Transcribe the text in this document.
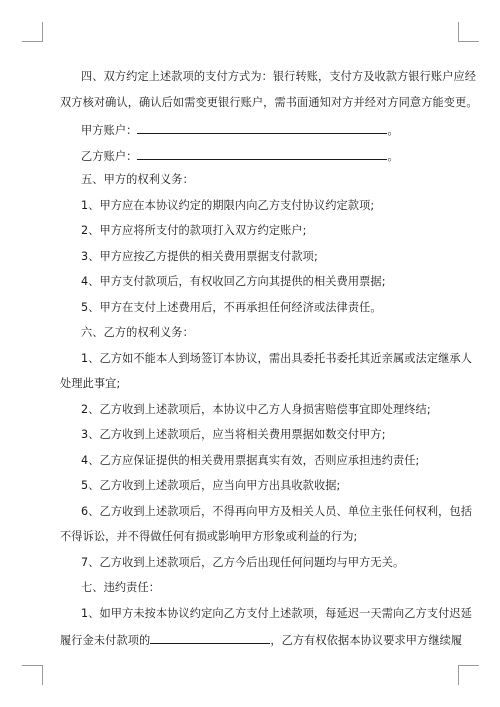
四、双方约定上述款项的支付方式为：银行转账，支付方及收款方银行账户应经
双方核对确认，确认后如需变更银行账户，需书面通知对方并经对方同意方能变更。
甲方账户：	。
乙方账户：	。
五、甲方的权利义务：
1、甲方应在本协议约定的期限内向乙方支付协议约定款项;
2、甲方应将所支付的款项打入双方约定账户;
3、甲方应按乙方提供的相关费用票据支付款项;
4、甲方支付款项后，有权收回乙方向其提供的相关费用票据;
5、甲方在支付上述费用后，不再承担任何经济或法律责任。
六、乙方的权利义务：
1、乙方如不能本人到场签订本协议，需出具委托书委托其近亲属或法定继承人
处理此事宜;
2、乙方收到上述款项后，本协议中乙方人身损害赔偿事宜即处理终结;
3、乙方收到上述款项后，应当将相关费用票据如数交付甲方;
4、乙方应保证提供的相关费用票据真实有效，否则应承担违约责任;
5、乙方收到上述款项后，应当向甲方出具收款收据;
6、乙方收到上述款项后，不得再向甲方及相关人员、单位主张任何权利，包括
不得诉讼，并不得做任何有损或影响甲方形象或利益的行为;
7、乙方收到上述款项后，乙方今后出现任何问题均与甲方无关。
七、违约责任：
1、如甲方未按本协议约定向乙方支付上述款项，每延迟一天需向乙方支付迟延
履行金未付款项的	，乙方有权依据本协议要求甲方继续履
